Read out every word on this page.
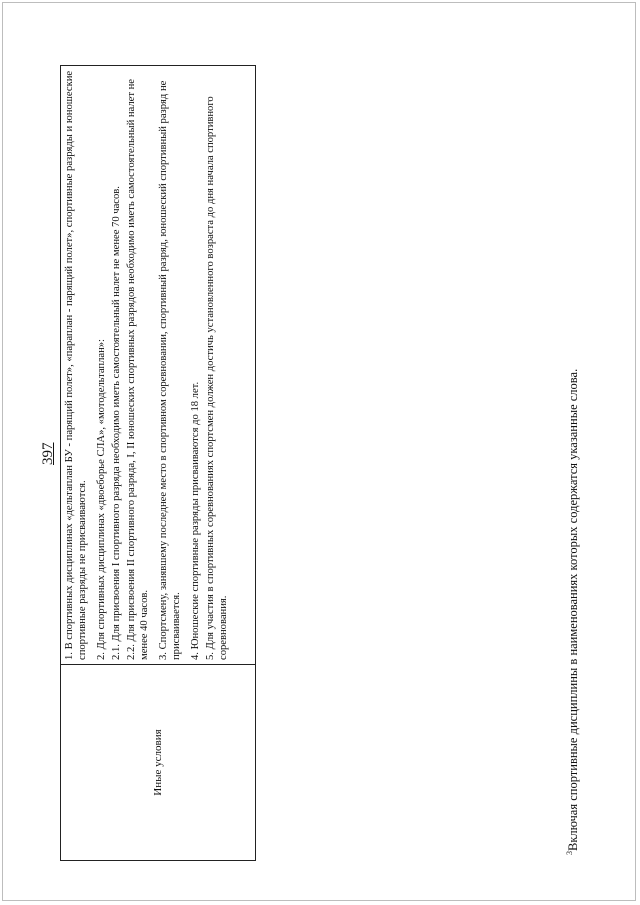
397
Иные условия

1. В спортивных дисциплинах «дельтаплан БУ - парящий полет», «параплан - парящий полет», спортивные разряды и юношеские спортивные разряды не присваиваются. 2. Для спортивных дисциплинах «двоеборье СЛА», «мотодельтаплан»: 2.1. Для присвоения I спортивного разряда необходимо иметь самостоятельный налет не менее 70 часов. 2.2. Для присвоения II спортивного разряда, I, II юношеских спортивных разрядов необходимо иметь самостоятельный налет не менее 40 часов. 3. Спортсмену, занявшему последнее место в спортивном соревновании, спортивный разряд, юношеский спортивный разряд не присваивается. 4. Юношеские спортивные разряды присваиваются до 18 лет. 5. Для участия в спортивных соревнованиях спортсмен должен достичь установленного возраста до дня начала спортивного соревнования.

$^3$Включая спортивные дисциплины в наименованиях которых содержатся указанные слова.
